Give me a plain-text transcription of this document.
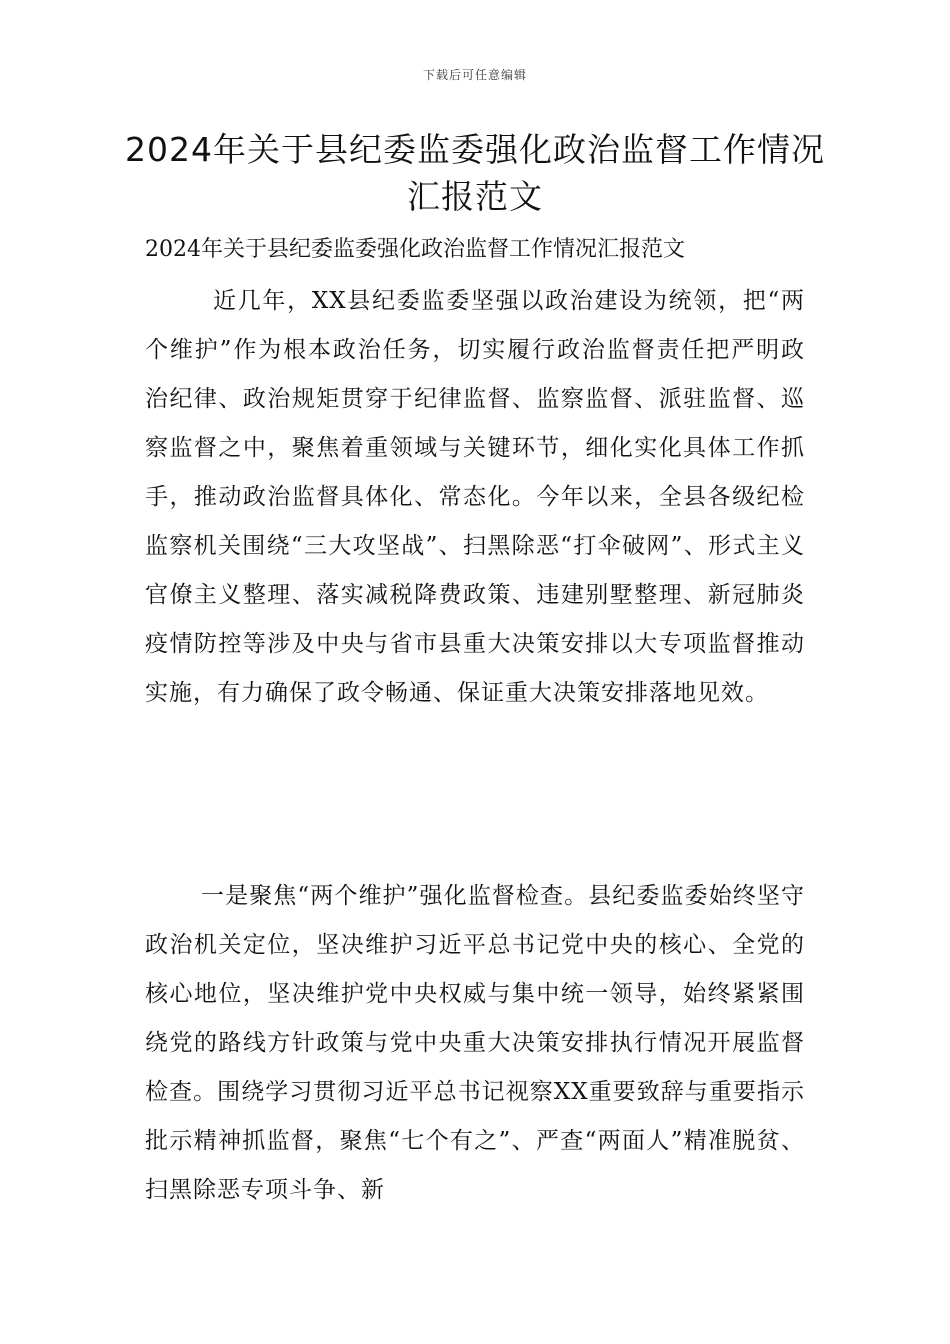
下载后可任意编辑
2024年关于县纪委监委强化政治监督工作情况汇报范文

2024年关于县纪委监委强化政治监督工作情况汇报范文

近几年，XX县纪委监委坚强以政治建设为统领，把“两个维护”作为根本政治任务，切实履行政治监督责任把严明政治纪律、政治规矩贯穿于纪律监督、监察监督、派驻监督、巡察监督之中，聚焦着重领域与关键环节，细化实化具体工作抓手，推动政治监督具体化、常态化。今年以来，全县各级纪检监察机关围绕“三大攻坚战”、扫黑除恶“打伞破网”、形式主义官僚主义整理、落实减税降费政策、违建别墅整理、新冠肺炎疫情防控等涉及中央与省市县重大决策安排以大专项监督推动实施，有力确保了政令畅通、保证重大决策安排落地见效。

一是聚焦“两个维护”强化监督检查。县纪委监委始终坚守政治机关定位，坚决维护习近平总书记党中央的核心、全党的核心地位，坚决维护党中央权威与集中统一领导，始终紧紧围绕党的路线方针政策与党中央重大决策安排执行情况开展监督检查。围绕学习贯彻习近平总书记视察XX重要致辞与重要指示批示精神抓监督，聚焦“七个有之”、严查“两面人”精准脱贫、扫黑除恶专项斗争、新
